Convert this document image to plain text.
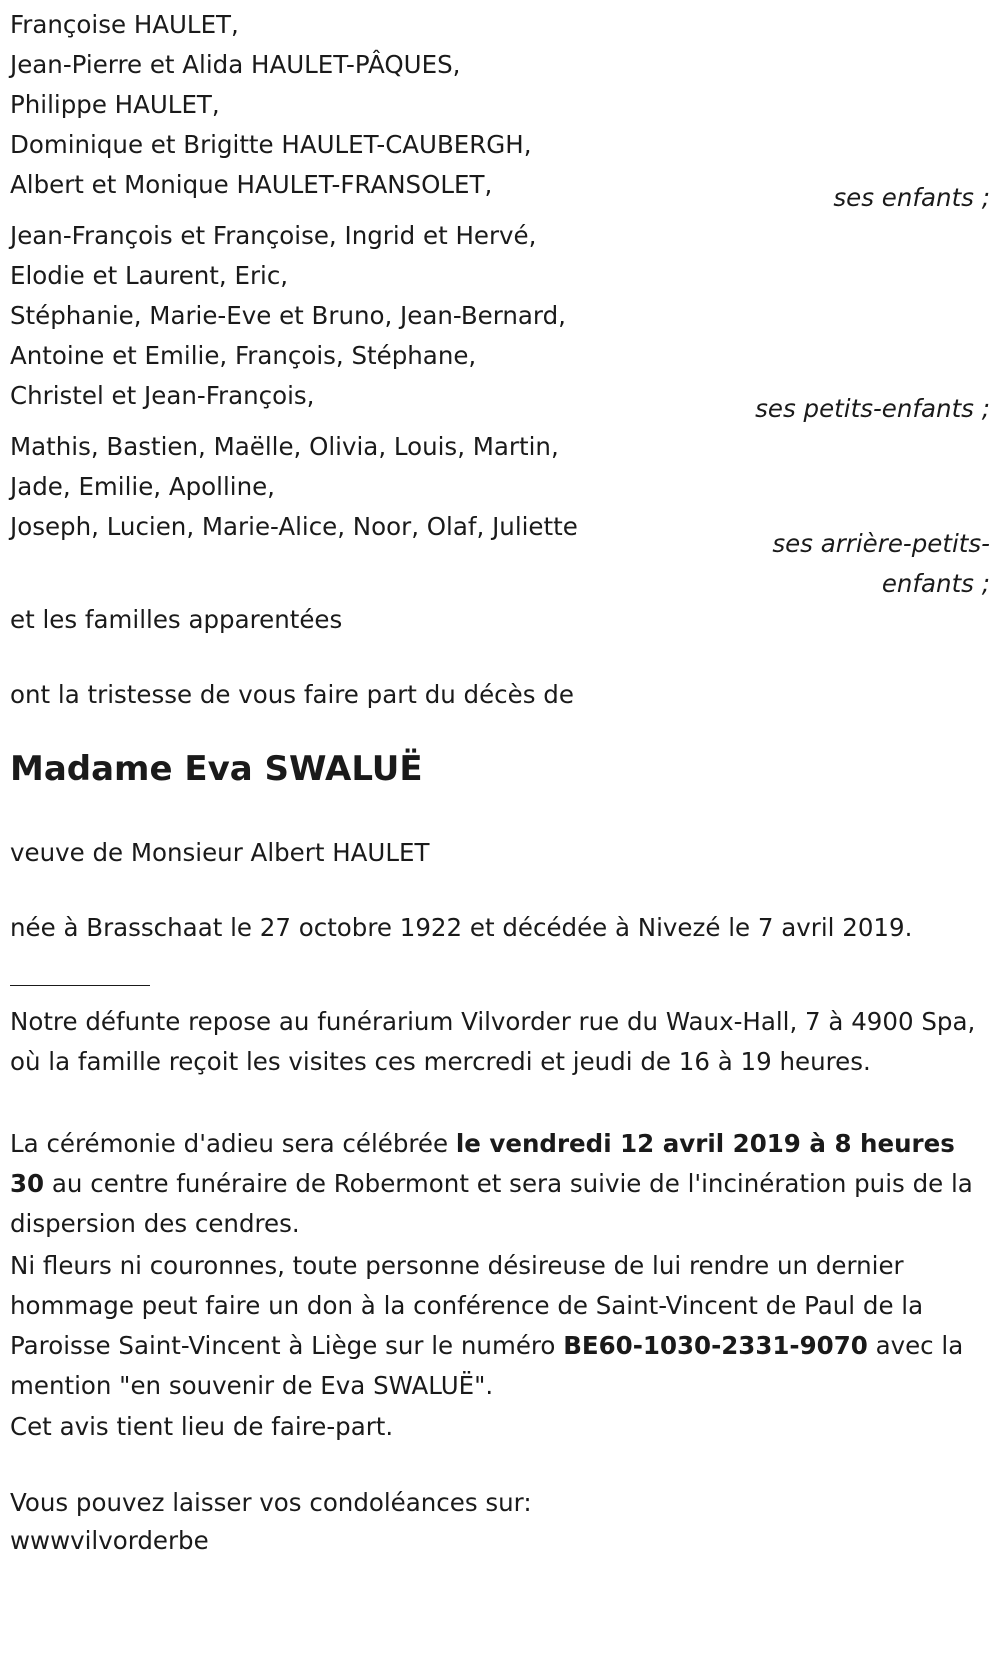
Françoise HAULET,
Jean-Pierre et Alida HAULET-PÂQUES,
Philippe HAULET,
Dominique et Brigitte HAULET-CAUBERGH,
Albert et Monique HAULET-FRANSOLET,	ses enfants ;
Jean-François et Françoise, Ingrid et Hervé,
Elodie et Laurent, Eric,
Stéphanie, Marie-Eve et Bruno, Jean-Bernard,
Antoine et Emilie, François, Stéphane,
Christel et Jean-François,	ses petits-enfants ;
Mathis, Bastien, Maëlle, Olivia, Louis, Martin,
Jade, Emilie, Apolline,
Joseph, Lucien, Marie-Alice, Noor, Olaf, Juliette
ses arrière-petits-
enfants ;
et les familles apparentées
ont la tristesse de vous faire part du décès de
Madame Eva SWALUË
veuve de Monsieur Albert HAULET
née à Brasschaat le 27 octobre 1922 et décédée à Nivezé le 7 avril 2019.
Notre défunte repose au funérarium Vilvorder rue du Waux-Hall, 7 à 4900 Spa, où la famille reçoit les visites ces mercredi et jeudi de 16 à 19 heures.
La cérémonie d'adieu sera célébrée le vendredi 12 avril 2019 à 8 heures 30 au centre funéraire de Robermont et sera suivie de l'incinération puis de la dispersion des cendres.
Ni fleurs ni couronnes, toute personne désireuse de lui rendre un dernier hommage peut faire un don à la conférence de Saint-Vincent de Paul de la Paroisse Saint-Vincent à Liège sur le numéro BE60-1030-2331-9070 avec la mention "en souvenir de Eva SWALUË".
Cet avis tient lieu de faire-part.
Vous pouvez laisser vos condoléances sur:
wwwvilvorderbe
